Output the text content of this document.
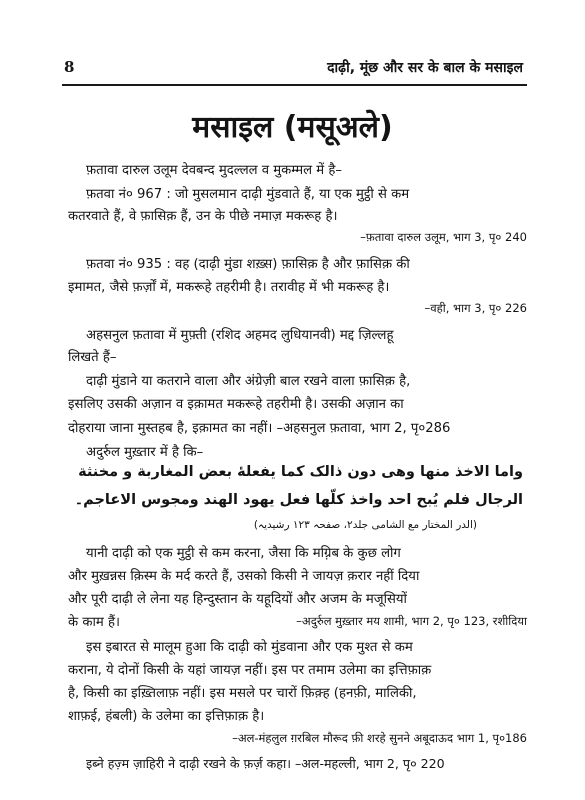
8	दाढ़ी, मूंछ और सर के बाल के मसाइल
मसाइल (मसूअले)
फ़तावा दारुल उलूम देवबन्द मुदल्लल व मुकम्मल में है–
फ़तवा नं० 967 : जो मुसलमान दाढ़ी मुंडवाते हैं, या एक मुट्ठी से कम
कतरवाते हैं, वे फ़ासिक़ हैं, उन के पीछे नमाज़ मकरूह है।
–फ़तावा दारुल उलूम, भाग 3, पृ० 240
फ़तवा नं० 935 : वह (दाढ़ी मुंडा शख़्स) फ़ासिक़ है और फ़ासिक़ की
इमामत, जैसे फ़र्ज़ों में, मकरूहे तहरीमी है। तरावीह में भी मकरूह है।
–वही, भाग 3, पृ० 226
अहसनुल फ़तावा में मुफ़्ती (रशिद अहमद लुधियानवी) मद्द ज़िल्लहू
लिखते हैं–
दाढ़ी मुंडाने या कतराने वाला और अंग्रेज़ी बाल रखने वाला फ़ासिक़ है,
इसलिए उसकी अज़ान व इक़ामत मकरूहे तहरीमी है। उसकी अज़ान का
दोहराया जाना मुस्तहब है, इक़ामत का नहीं। –अहसनुल फ़तावा, भाग 2, पृ०286
अदुर्रुल मुख़्तार में है कि–
واما الاخذ منها وهی دون ذالک کما یفعلهٔ بعض المغاربة و مخنثة
الرجال فلم یُبح احد واخذ کلّها فعل یهود الهند ومجوس الاعاجم۔
(الدر المختار مع الشامی جلد۲، صفحہ ۱۲۳ رشیدیہ)
यानी दाढ़ी को एक मुट्ठी से कम करना, जैसा कि मग़्रिब के कुछ लोग
और मुख़न्नस क़िस्म के मर्द करते हैं, उसको किसी ने जायज़ क़रार नहीं दिया
और पूरी दाढ़ी ले लेना यह हिन्दुस्तान के यहूदियों और अजम के मजूसियों
के काम हैं।	–अदुर्रुल मुख़्तार मय शामी, भाग 2, पृ० 123, रशीदिया
इस इबारत से मालूम हुआ कि दाढ़ी को मुंडवाना और एक मुश्त से कम
कराना, ये दोनों किसी के यहां जायज़ नहीं। इस पर तमाम उलेमा का इत्तिफ़ाक़
है, किसी का इख़्तिलाफ़ नहीं। इस मसले पर चारों फ़िक़्ह (हनफ़ी, मालिकी,
शाफ़ई, हंबली) के उलेमा का इत्तिफ़ाक़ है।
–अल-मंहलुल ग़रबिल मौरूद फ़ी शरहे सुनने अबूदाऊद भाग 1, पृ०186
इब्ने हज़्म ज़ाहिरी ने दाढ़ी रखने के फ़र्ज़ कहा। –अल-महल्ली, भाग 2, पृ० 220
